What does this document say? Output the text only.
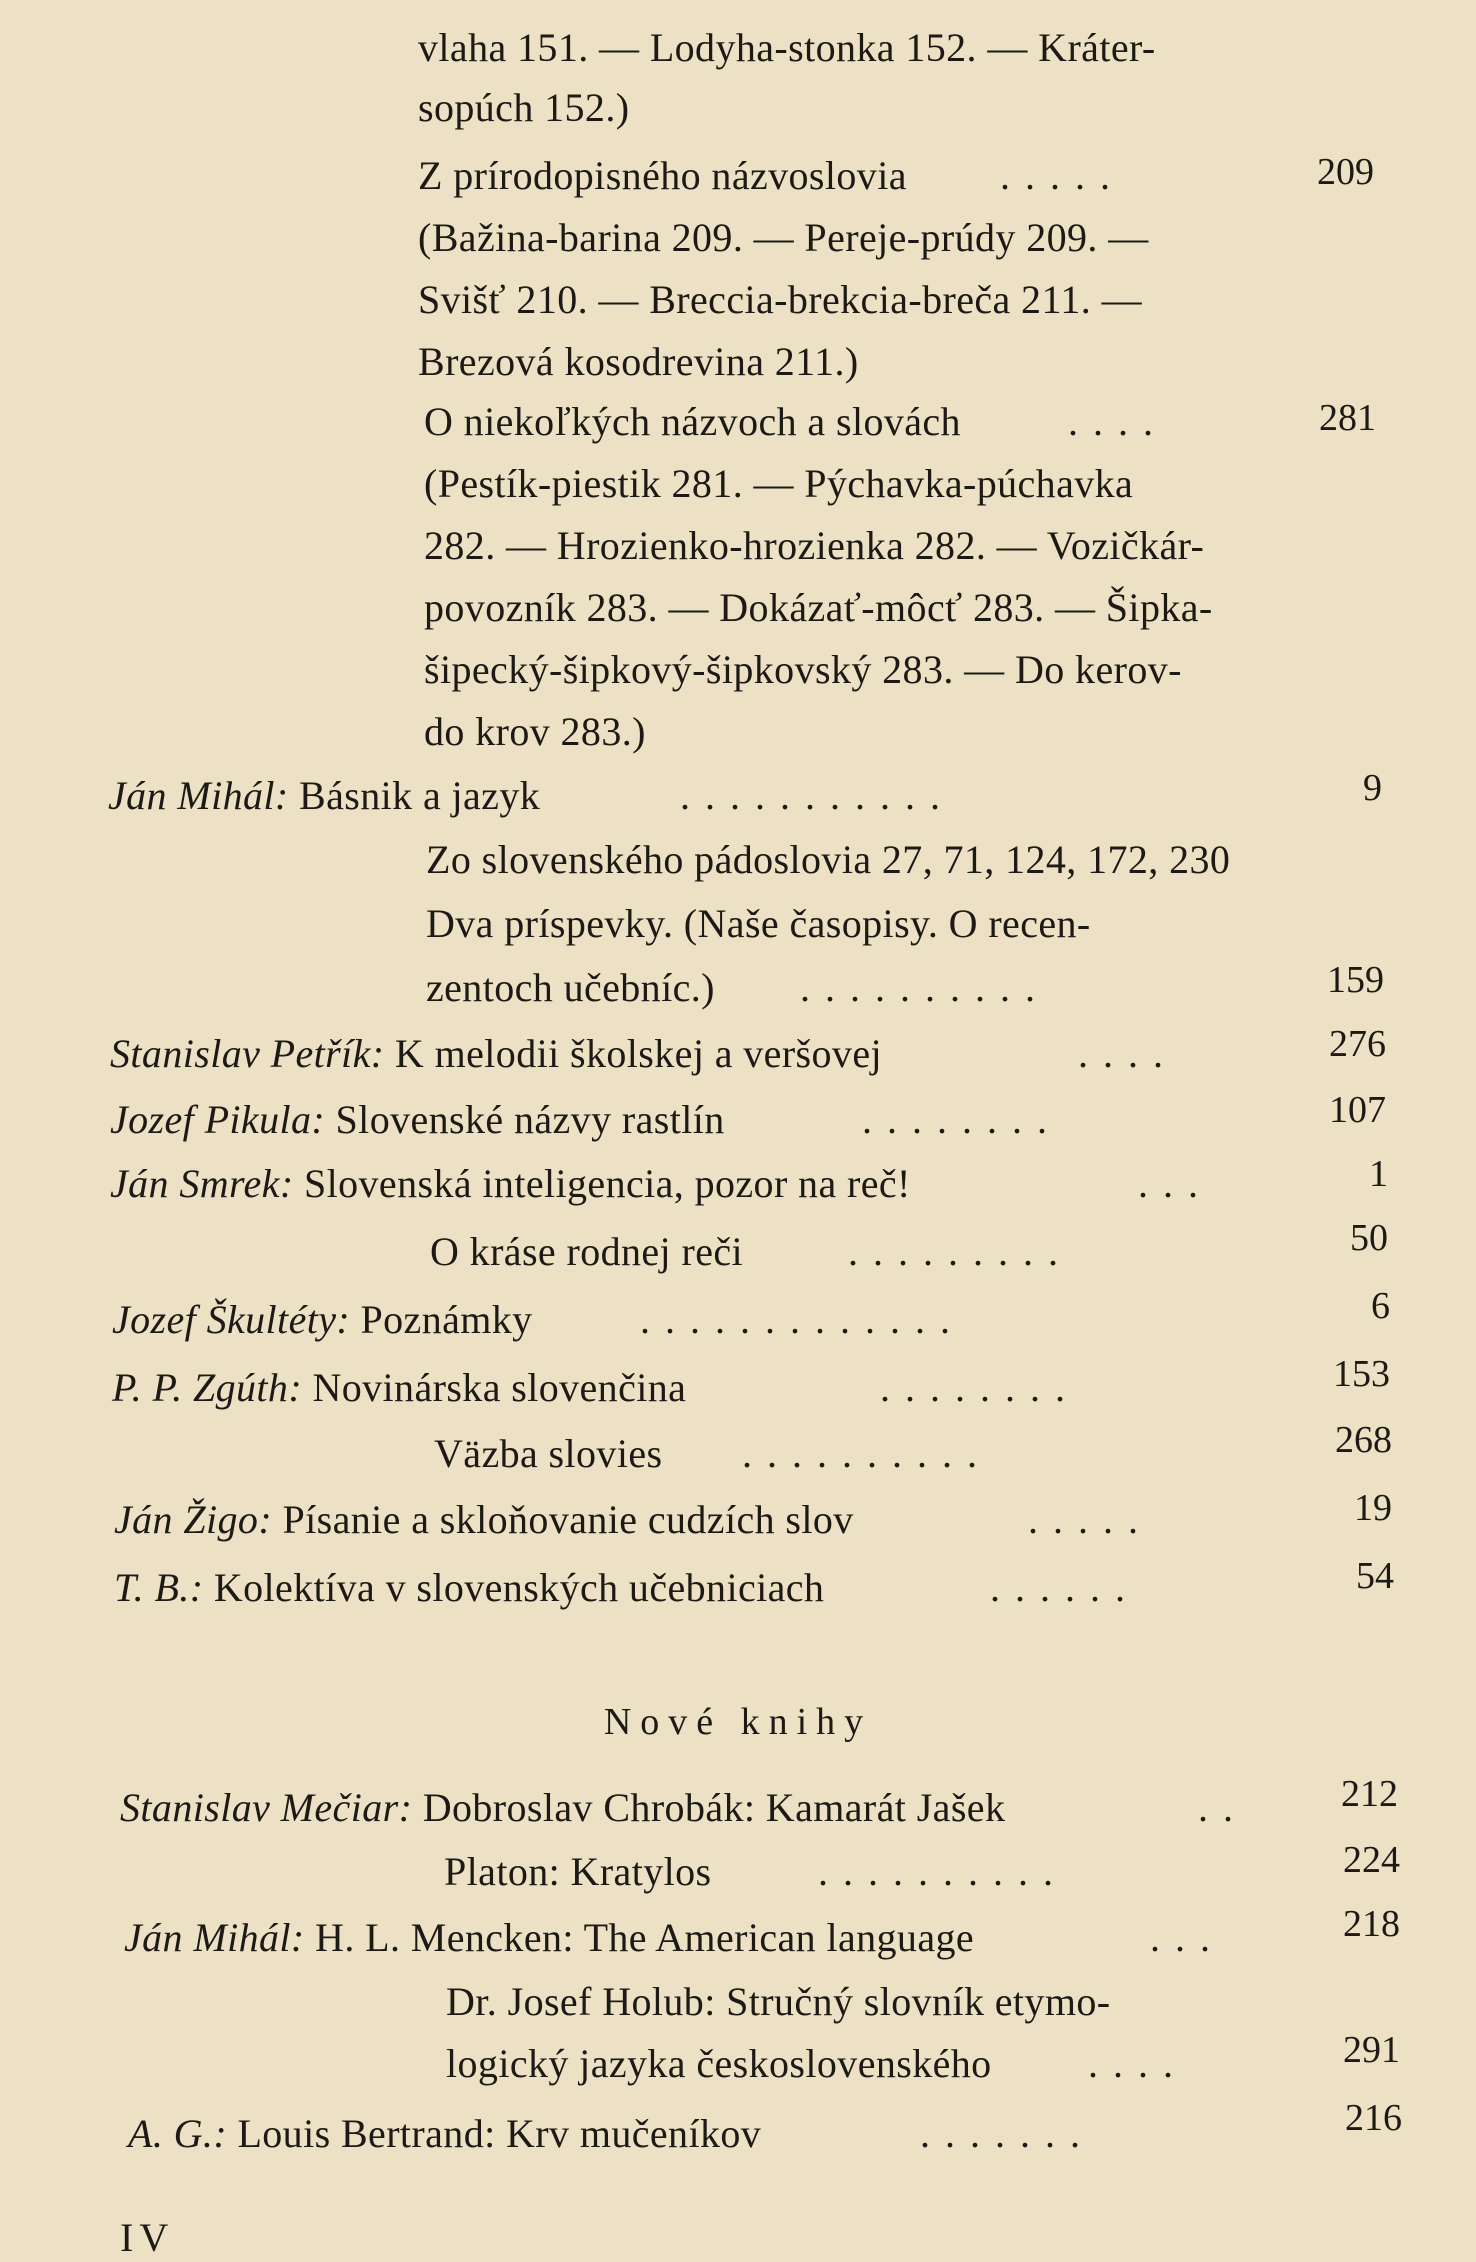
vlaha 151. — Lodyha-stonka 152. — Kráter-
sopúch 152.)
Z prírodopisného názvoslovia .....	209
(Bažina-barina 209. — Pereje-prúdy 209. —
Svišť 210. — Breccia-brekcia-breča 211. —
Brezová kosodrevina 211.)
O niekoľkých názvoch a slovách	....	281
(Pestík-piestik 281. — Pýchavka-púchavka
282. — Hrozienko-hrozienka 282. — Vozičkár-
povozník 283. — Dokázať-môcť 283. — Šipka-
šipecký-šipkový-šipkovský 283. — Do kerov-
do krov 283.)
Ján Mihál: Básnik a jazyk	...........	9
Zo slovenského pádoslovia 27, 71, 124, 172, 230
Dva príspevky. (Naše časopisy. O recen-
zentoch učebníc.) ..........	159
Stanislav Petřík: K melodii školskej a veršovej	....	276
Jozef Pikula: Slovenské názvy rastlín	........	107
Ján Smrek: Slovenská inteligencia, pozor na reč!	...	1
O kráse rodnej reči	.........	50
Jozef Škultéty: Poznámky	.............	6
P. P. Zgúth: Novinárska slovenčina	........	153
Väzba slovies ..........	268
Ján Žigo: Písanie a skloňovanie cudzích slov	.....	19
T. B.: Kolektíva v slovenských učebniciach	......	54
Nové knihy
Stanislav Mečiar: Dobroslav Chrobák: Kamarát Jašek	..	212
Platon: Kratylos	..........	224
Ján Mihál: H. L. Mencken: The American language	...	218
Dr. Josef Holub: Stručný slovník etymo-
logický jazyka československého ....	291
A. G.: Louis Bertrand: Krv mučeníkov	.......	216
IV
